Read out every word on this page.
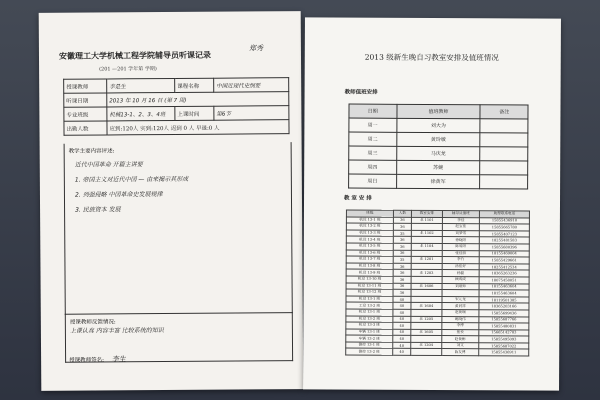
安徽理工大学机械工程学院辅导员听课记录
(201 —201 学年第 学期)
郑秀
授课教师	李是生	课程名称	中国近现代史纲要
听课日期	2013 年 10 月 16 日 (第 7 周)		
专业班级	机械13-1、2、3、4班	上课时间	第6节
出勤人数	应到:120人 实到:120人 迟到 0 人 早退:0 人		
教学主要内容评述:
近代中国革命 开篇主讲要
1. 帝国主义对近代中国 — 由来揭示其形成
2. 列强侵略 中国革命史发展规律
3. 民族资本 发展
授课教师反馈情况:
上课认真 内容丰富 比较系统的知识
授课教师签名: 李生
2013 级新生晚自习教室安排及值班情况
教师值班安排
日期	值班教师	备注
周一	刘大为	
周二	黄玲敏	
周三	马庆龙	
周四	苏婉	
周日	徐黄军	
教 室 安 排
班级	人数	教室安排	辅导员值班	助理联系电话
机设 13-1 班	36	北 1101	李佳	15855436910
机设 13-2 班	36		赵宝佳	15855665780
机设 13-3 班	35	北 1102	刘梦雪	15855407123
机设 13-4 班	36		徐晓阳	18255481583
机设 13-5 班	36	北 1104	陈易阳	15855680396
机设 13-6 班	36		张佳圆	18155469004
机设 13-7 班	35	北 1201	李竹	15855429661
机设 13-8 班	36		汤佳妤	18255412534
机设 13-9 班	36	北 1203	杨磊	18365263236
机设 13-10 班	36		顾成成	18075458051
机设 13-11 班	36	北 1606	刘翊帅	18155463604
机设 13-12 班	36			18155463604
机设 13-1 班	40		宋元龙	18119501385
工设 13-2 班	40	北 1604	黄同祥	18365203166
机设 13-1 班	40		赵俊瑞	15855699436
机设 13-2 班	40	北 1205	姚晓伟	15855687766
机设 13-3 班	40		李博	15855480831
车辆 13-1 班	40	北 1605	焦孜	15665142783
车辆 13-2 班	40		赵俊彬	15855495093
测控 13-1 班	40	北 1204	刘文	15855687022
测控 13-2 班	40		陈友博	15855436911
